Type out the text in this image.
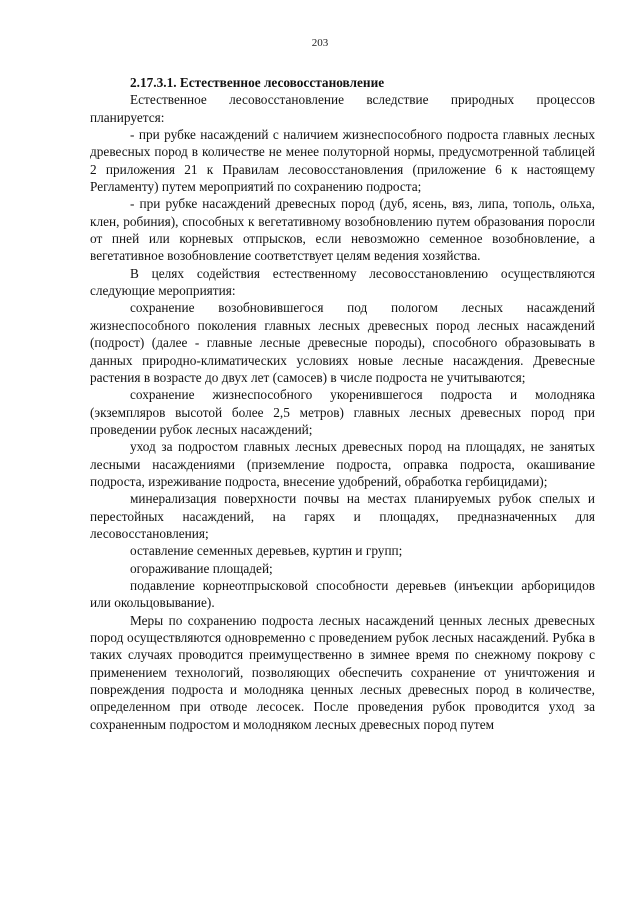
203

2.17.3.1. Естественное лесовосстановление

Естественное лесовосстановление вследствие природных процессов планируется:

- при рубке насаждений с наличием жизнеспособного подроста главных лесных древесных пород в количестве не менее полуторной нормы, предусмотренной таблицей 2 приложения 21 к Правилам лесовосстановления (приложение 6 к настоящему Регламенту) путем мероприятий по сохранению подроста;

- при рубке насаждений древесных пород (дуб, ясень, вяз, липа, тополь, ольха, клен, робиния), способных к вегетативному возобновлению путем образования поросли от пней или корневых отпрысков, если невозможно семенное возобновление, а вегетативное возобновление соответствует целям ведения хозяйства.

В целях содействия естественному лесовосстановлению осуществляются следующие мероприятия:

сохранение возобновившегося под пологом лесных насаждений жизнеспособного поколения главных лесных древесных пород лесных насаждений (подрост) (далее - главные лесные древесные породы), способного образовывать в данных природно-климатических условиях новые лесные насаждения. Древесные растения в возрасте до двух лет (самосев) в числе подроста не учитываются;

сохранение жизнеспособного укоренившегося подроста и молодняка (экземпляров высотой более 2,5 метров) главных лесных древесных пород при проведении рубок лесных насаждений;

уход за подростом главных лесных древесных пород на площадях, не занятых лесными насаждениями (приземление подроста, оправка подроста, окашивание подроста, изреживание подроста, внесение удобрений, обработка гербицидами);

минерализация поверхности почвы на местах планируемых рубок спелых и перестойных насаждений, на гарях и площадях, предназначенных для лесовосстановления;

оставление семенных деревьев, куртин и групп;

огораживание площадей;

подавление корнеотпрысковой способности деревьев (инъекции арборицидов или окольцовывание).

Меры по сохранению подроста лесных насаждений ценных лесных древесных пород осуществляются одновременно с проведением рубок лесных насаждений. Рубка в таких случаях проводится преимущественно в зимнее время по снежному покрову с применением технологий, позволяющих обеспечить сохранение от уничтожения и повреждения подроста и молодняка ценных лесных древесных пород в количестве, определенном при отводе лесосек. После проведения рубок проводится уход за сохраненным подростом и молодняком лесных древесных пород путем
